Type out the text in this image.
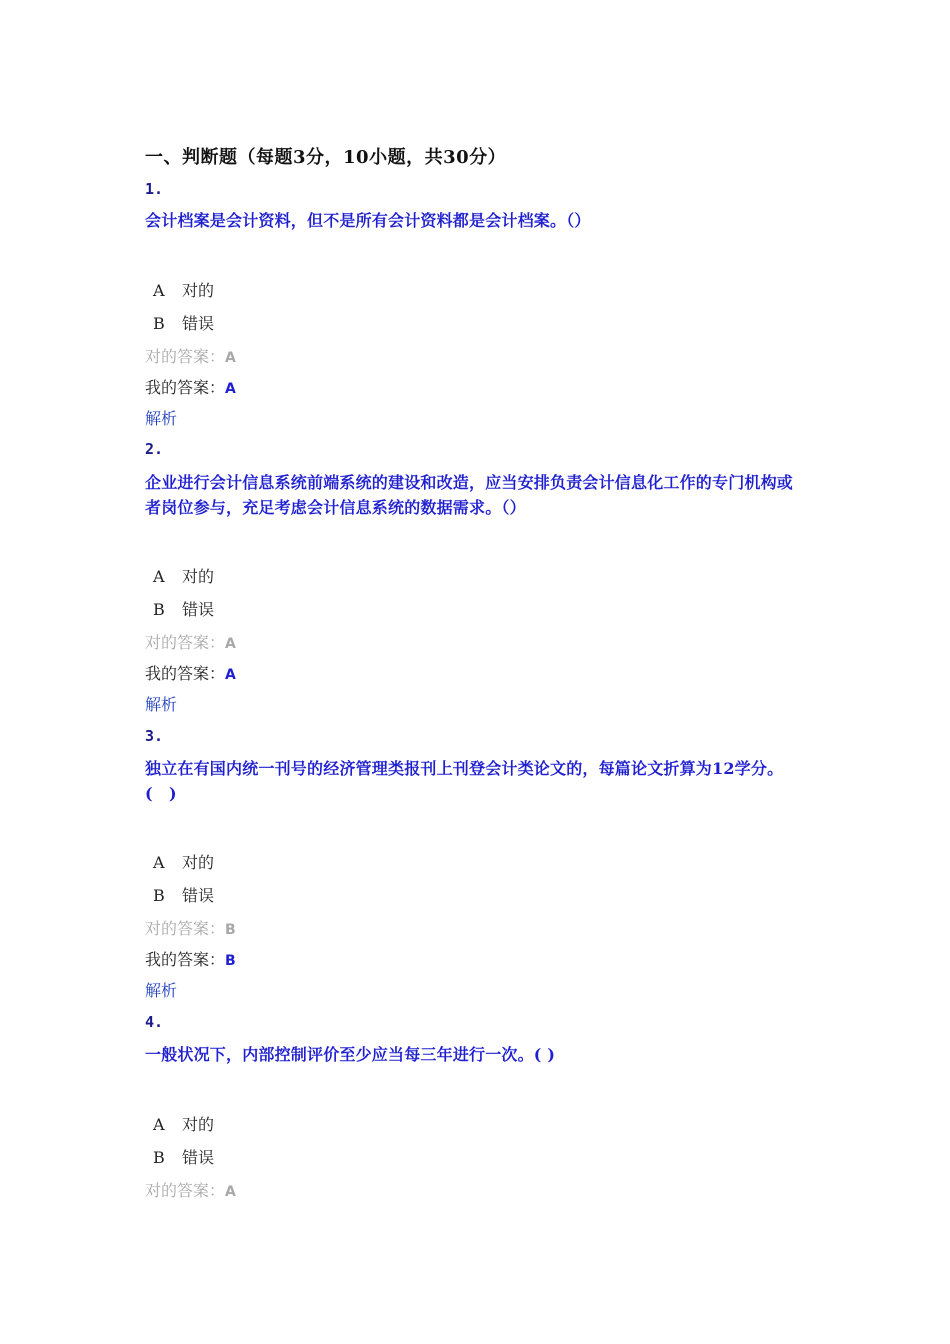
一、判断题（每题3分，10小题，共30分）
1.
会计档案是会计资料，但不是所有会计资料都是会计档案。（）
A 对的
B 错误
对的答案：A
我的答案：A
解析
2.
企业进行会计信息系统前端系统的建设和改造，应当安排负责会计信息化工作的专门机构或者岗位参与，充足考虑会计信息系统的数据需求。（）
A 对的
B 错误
对的答案：A
我的答案：A
解析
3.
独立在有国内统一刊号的经济管理类报刊上刊登会计类论文的，每篇论文折算为12学分。(　)
A 对的
B 错误
对的答案：B
我的答案：B
解析
4.
一般状况下，内部控制评价至少应当每三年进行一次。( )
A 对的
B 错误
对的答案：A
